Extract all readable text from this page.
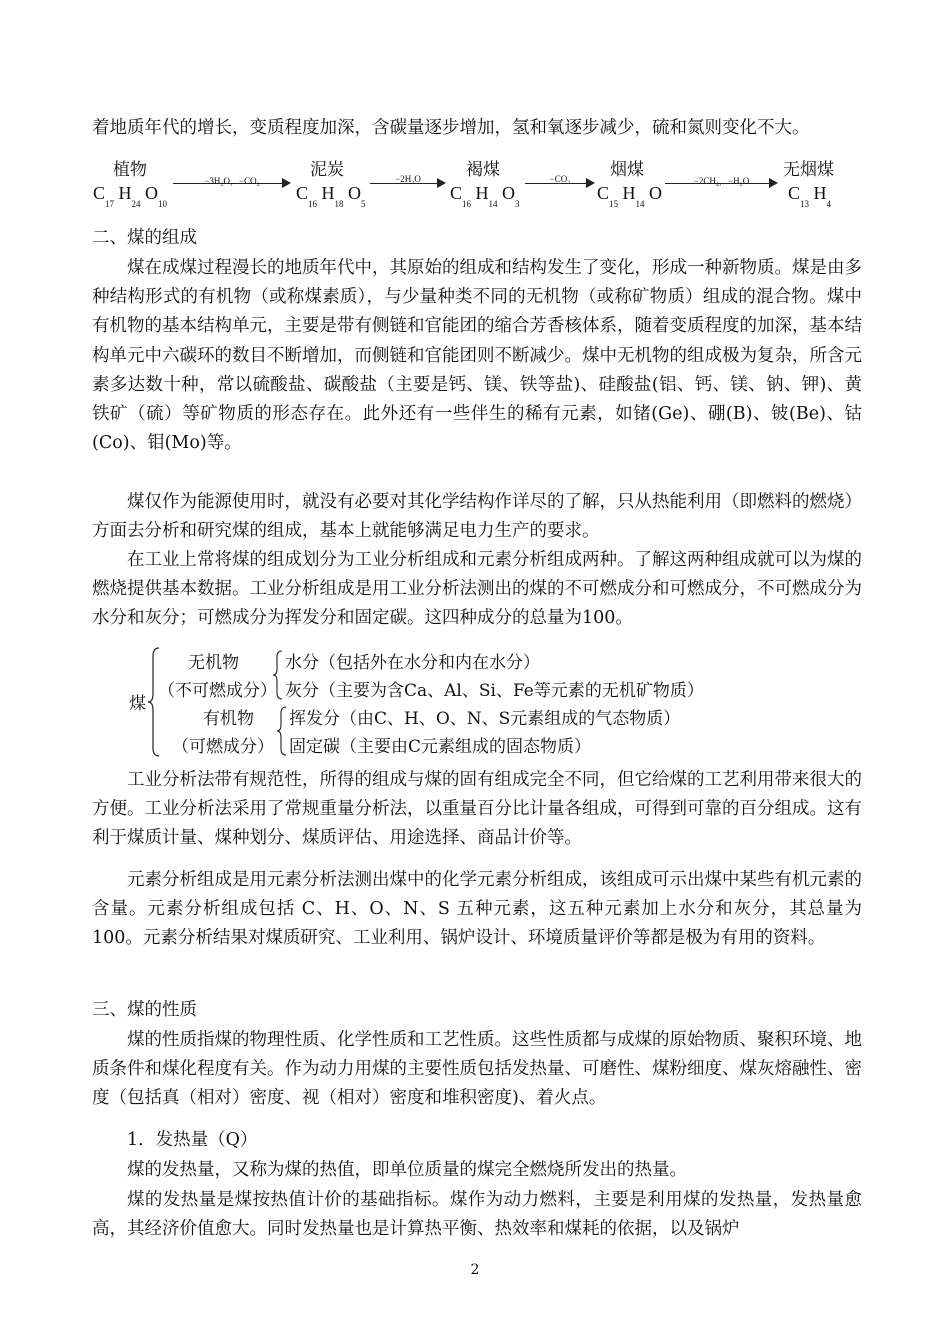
着地质年代的增长，变质程度加深，含碳量逐步增加，氢和氧逐步减少，硫和氮则变化不大。

植物	泥炭	褐煤	烟煤	无烟煤
$C_{17}$ $H_{24}$ $O_{10}$
$C_{16}$ $H_{18}$ $O_5$
$C_{16}$ $H_{14}$ $O_3$
$C_{15}$ $H_{14}$ O	$C_{13}$ $H_4$
−3H₂O，−CO₂	−2H₂O	−CO₂	−2CH₄，−H₂O

二、煤的组成

煤在成煤过程漫长的地质年代中，其原始的组成和结构发生了变化，形成一种新物质。煤是由多种结构形式的有机物（或称煤素质），与少量种类不同的无机物（或称矿物质）组成的混合物。煤中有机物的基本结构单元，主要是带有侧链和官能团的缩合芳香核体系，随着变质程度的加深，基本结构单元中六碳环的数目不断增加，而侧链和官能团则不断减少。煤中无机物的组成极为复杂，所含元素多达数十种，常以硫酸盐、碳酸盐（主要是钙、镁、铁等盐)、硅酸盐(铝、钙、镁、钠、钾)、黄铁矿（硫）等矿物质的形态存在。此外还有一些伴生的稀有元素，如锗(Ge)、硼(B)、铍(Be)、钴(Co)、钼(Mo)等。

煤仅作为能源使用时，就没有必要对其化学结构作详尽的了解，只从热能利用（即燃料的燃烧）方面去分析和研究煤的组成，基本上就能够满足电力生产的要求。

在工业上常将煤的组成划分为工业分析组成和元素分析组成两种。了解这两种组成就可以为煤的燃烧提供基本数据。工业分析组成是用工业分析法测出的煤的不可燃成分和可燃成分，不可燃成分为水分和灰分；可燃成分为挥发分和固定碳。这四种成分的总量为100。

煤
无机物
（不可燃成分）
水分（包括外在水分和内在水分）
灰分（主要为含Ca、Al、Si、Fe等元素的无机矿物质）
有机物
（可燃成分）
挥发分（由C、H、O、N、S元素组成的气态物质）
固定碳（主要由C元素组成的固态物质）

工业分析法带有规范性，所得的组成与煤的固有组成完全不同，但它给煤的工艺利用带来很大的方便。工业分析法采用了常规重量分析法，以重量百分比计量各组成，可得到可靠的百分组成。这有利于煤质计量、煤种划分、煤质评估、用途选择、商品计价等。

元素分析组成是用元素分析法测出煤中的化学元素分析组成，该组成可示出煤中某些有机元素的含量。元素分析组成包括 C、H、O、N、S 五种元素，这五种元素加上水分和灰分，其总量为 100。元素分析结果对煤质研究、工业利用、锅炉设计、环境质量评价等都是极为有用的资料。

三、煤的性质

煤的性质指煤的物理性质、化学性质和工艺性质。这些性质都与成煤的原始物质、聚积环境、地质条件和煤化程度有关。作为动力用煤的主要性质包括发热量、可磨性、煤粉细度、煤灰熔融性、密度（包括真（相对）密度、视（相对）密度和堆积密度)、着火点。

1．发热量（Q）

煤的发热量，又称为煤的热值，即单位质量的煤完全燃烧所发出的热量。

煤的发热量是煤按热值计价的基础指标。煤作为动力燃料，主要是利用煤的发热量，发热量愈高，其经济价值愈大。同时发热量也是计算热平衡、热效率和煤耗的依据，以及锅炉

2
